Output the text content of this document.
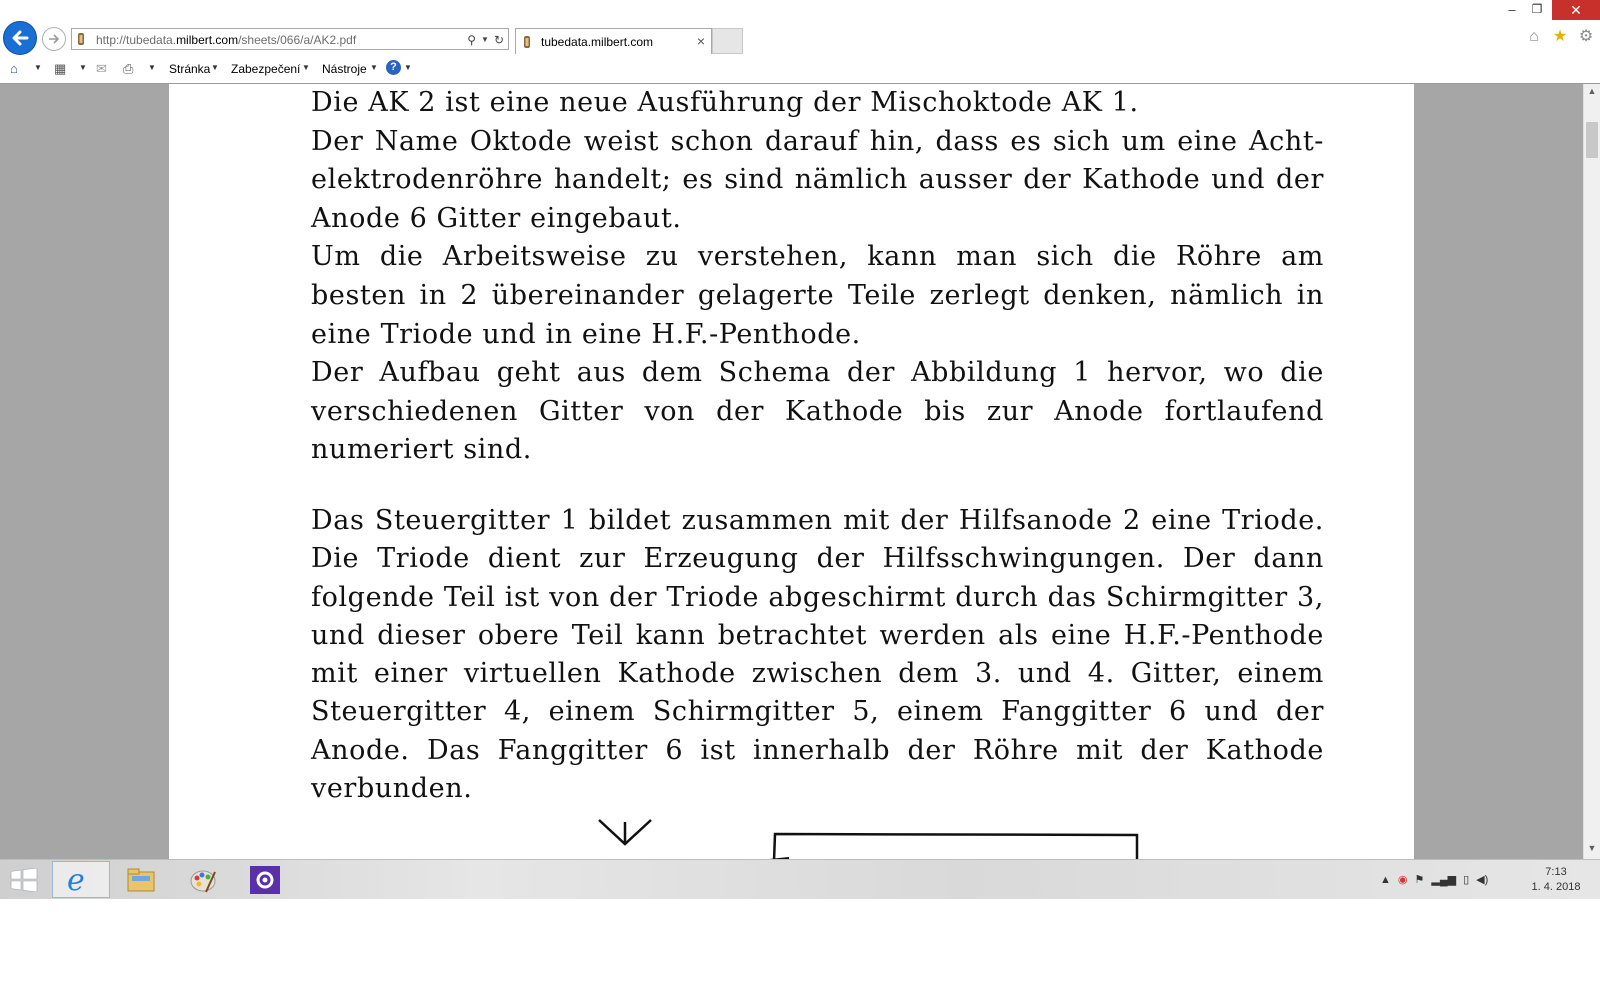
http://tubedata.milbert.com/sheets/066/a/AK2.pdf	⚲ ▼ ↻	tubedata.milbert.com	×
–	❐	✕
⌂ ★ ⚙
⌂ ▼ ▦ ▼ ✉ ⎙ ▼ Stránka ▼ Zabezpečení ▼ Nástroje ▼	? ▼

Die AK 2 ist eine neue Ausführung der Mischoktode AK 1.

Der Name Oktode weist schon darauf hin, dass es sich um eine Acht-elektrodenröhre handelt; es sind nämlich ausser der Kathode und der Anode 6 Gitter eingebaut.

Um die Arbeitsweise zu verstehen, kann man sich die Röhre am besten in 2 übereinander gelagerte Teile zerlegt denken, nämlich in eine Triode und in eine H.F.-Penthode.

Der Aufbau geht aus dem Schema der Abbildung 1 hervor, wo die verschiedenen Gitter von der Kathode bis zur Anode fortlaufend numeriert sind.

Das Steuergitter 1 bildet zusammen mit der Hilfsanode 2 eine Triode. Die Triode dient zur Erzeugung der Hilfsschwingungen. Der dann folgende Teil ist von der Triode abgeschirmt durch das Schirmgitter 3, und dieser obere Teil kann betrachtet werden als eine H.F.-Penthode mit einer virtuellen Kathode zwischen dem 3. und 4. Gitter, einem Steuergitter 4, einem Schirmgitter 5, einem Fanggitter 6 und der Anode. Das Fanggitter 6 ist innerhalb der Röhre mit der Kathode verbunden.

▲
▼
e	▲ ◉ ⚑ ▂▄▆ ▯ ◀)
7:13
1. 4. 2018
